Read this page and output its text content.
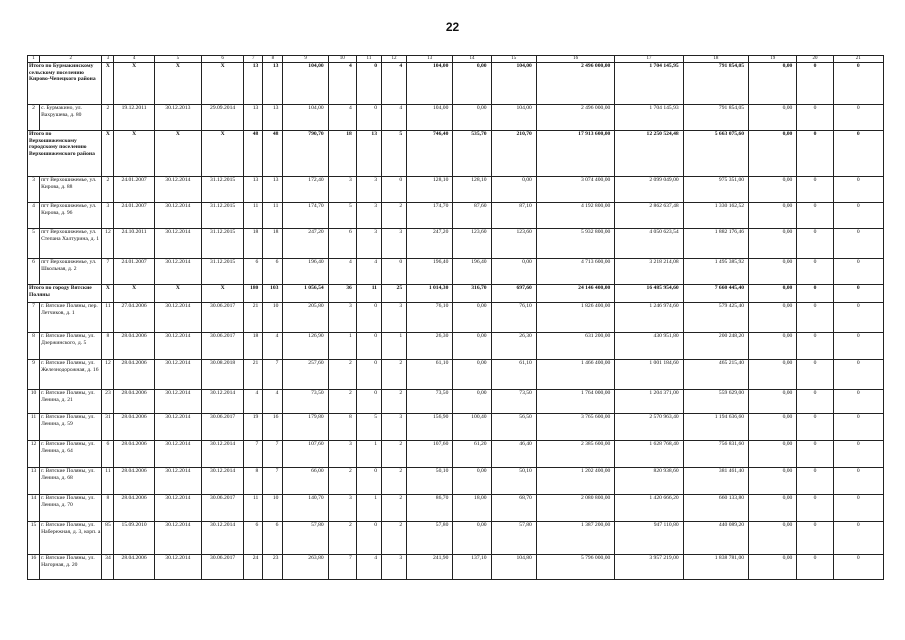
22
1	2	3	4	5	6	7	8	9	10	11	12	13	14	15	16	17	18	19	20	21
Итого по Бурмакинскому сельскому поселению Кирово-Чепецкого района		X	X	X	X	13	13	104,00	4	0	4	104,00	0,00	104,00	2 496 000,00	1 704 145,95	791 854,05	0,00	0	0
2	с. Бурмакино, ул. Вахрушева, д. 80	2	19.12.2011	30.12.2013	29.09.2014	13	13	104,00	4	0	4	104,00	0,00	104,00	2 496 000,00	1 704 145,93	791 854,05	0,00	0	0
Итого по Верхошижемскому городскому поселению Верхошижемского района		X	X	X	X	48	48	790,70	18	13	5	746,40	535,70	210,70	17 913 600,00	12 250 524,48	5 663 075,60	0,00	0	0
3	пгт Верхошижемье, ул. Кирова, д. 88	2	24.01.2007	30.12.2014	31.12.2015	13	13	172,40	3	3	0	128,10	128,10	0,00	3 074 400,00	2 099 049,00	975 351,00	0,00	0	0
4	пгт Верхошижемье, ул. Кирова, д. 96	3	24.01.2007	30.12.2014	31.12.2015	11	11	174,70	5	3	2	174,70	87,60	87,10	4 192 800,00	2 862 637,48	1 330 162,52	0,00	0	0
5	пгт Верхошижемье, ул. Степана Халтурина, д. 1	12	24.10.2011	30.12.2014	31.12.2015	18	18	247,20	6	3	3	247,20	123,60	123,60	5 932 800,00	4 050 623,54	1 882 176,46	0,00	0	0
6	пгт Верхошижемье, ул. Школьная, д. 2	7	24.01.2007	30.12.2014	31.12.2015	6	6	196,40	4	4	0	196,40	196,40	0,00	4 713 600,00	3 218 214,08	1 495 385,92	0,00	0	0
Итого по городу Вятские Поляны		X	X	X	X	180	103	1 056,54	36	11	25	1 014,30	316,70	697,60	24 146 400,00	16 485 954,60	7 660 445,40	0,00	0	0
7	г. Вятские Поляны, пер. Летчиков, д. 1	11	27.04.2006	30.12.2014	30.06.2017	21	10	205,80	3	0	3	76,10	0,00	76,10	1 826 400,00	1 246 974,60	579 425,40	0,00	0	0
8	г. Вятские Поляны, ул. Дзержинского, д. 5	8	28.04.2006	30.12.2014	30.06.2017	18	4	126,90	1	0	1	26,30	0,00	26,30	631 200,00	430 951,80	200 248,20	0,00	0	0
9	г. Вятские Поляны, ул. Железнодорожная, д. 16	12	28.04.2006	30.12.2014	30.08.2018	21	7	257,60	2	0	2	61,10	0,00	61,10	1 466 400,00	1 001 184,60	465 215,40	0,00	0	0
10	г. Вятские Поляны, ул. Ленина, д. 21	23	28.04.2006	30.12.2014	30.12.2014	4	4	73,50	2	0	2	73,50	0,00	73,50	1 764 000,00	1 204 371,00	559 629,00	0,00	0	0
11	г. Вятские Поляны, ул. Ленина, д. 59	31	28.04.2006	30.12.2014	30.06.2017	19	16	179,80	8	5	3	156,90	100,40	56,50	3 765 600,00	2 570 963,40	1 194 636,60	0,00	0	0
12	г. Вятские Поляны, ул. Ленина, д. 64	6	28.04.2006	30.12.2014	30.12.2014	7	7	107,60	3	1	2	107,60	61,20	46,40	2 385 600,00	1 628 768,40	756 831,60	0,00	0	0
13	г. Вятские Поляны, ул. Ленина, д. 68	11	28.04.2006	30.12.2014	30.12.2014	8	7	66,00	2	0	2	50,10	0,00	50,10	1 202 400,00	820 938,60	381 461,40	0,00	0	0
14	г. Вятские Поляны, ул. Ленина, д. 70	8	28.04.2006	30.12.2014	30.06.2017	11	10	140,70	3	1	2	86,70	18,00	68,70	2 080 800,00	1 420 666,20	660 133,80	0,00	0	0
15	г. Вятские Поляны, ул. Набережная, д. 3, корп. а	85	15.09.2010	30.12.2014	30.12.2014	6	6	57,80	2	0	2	57,80	0,00	57,80	1 387 200,00	947 110,80	440 089,20	0,00	0	0
16	г. Вятские Поляны, ул. Нагорная, д. 20	34	28.04.2006	30.12.2014	30.06.2017	24	23	263,80	7	4	3	241,90	137,10	104,80	5 796 000,00	3 957 219,00	1 838 781,00	0,00	0	0
